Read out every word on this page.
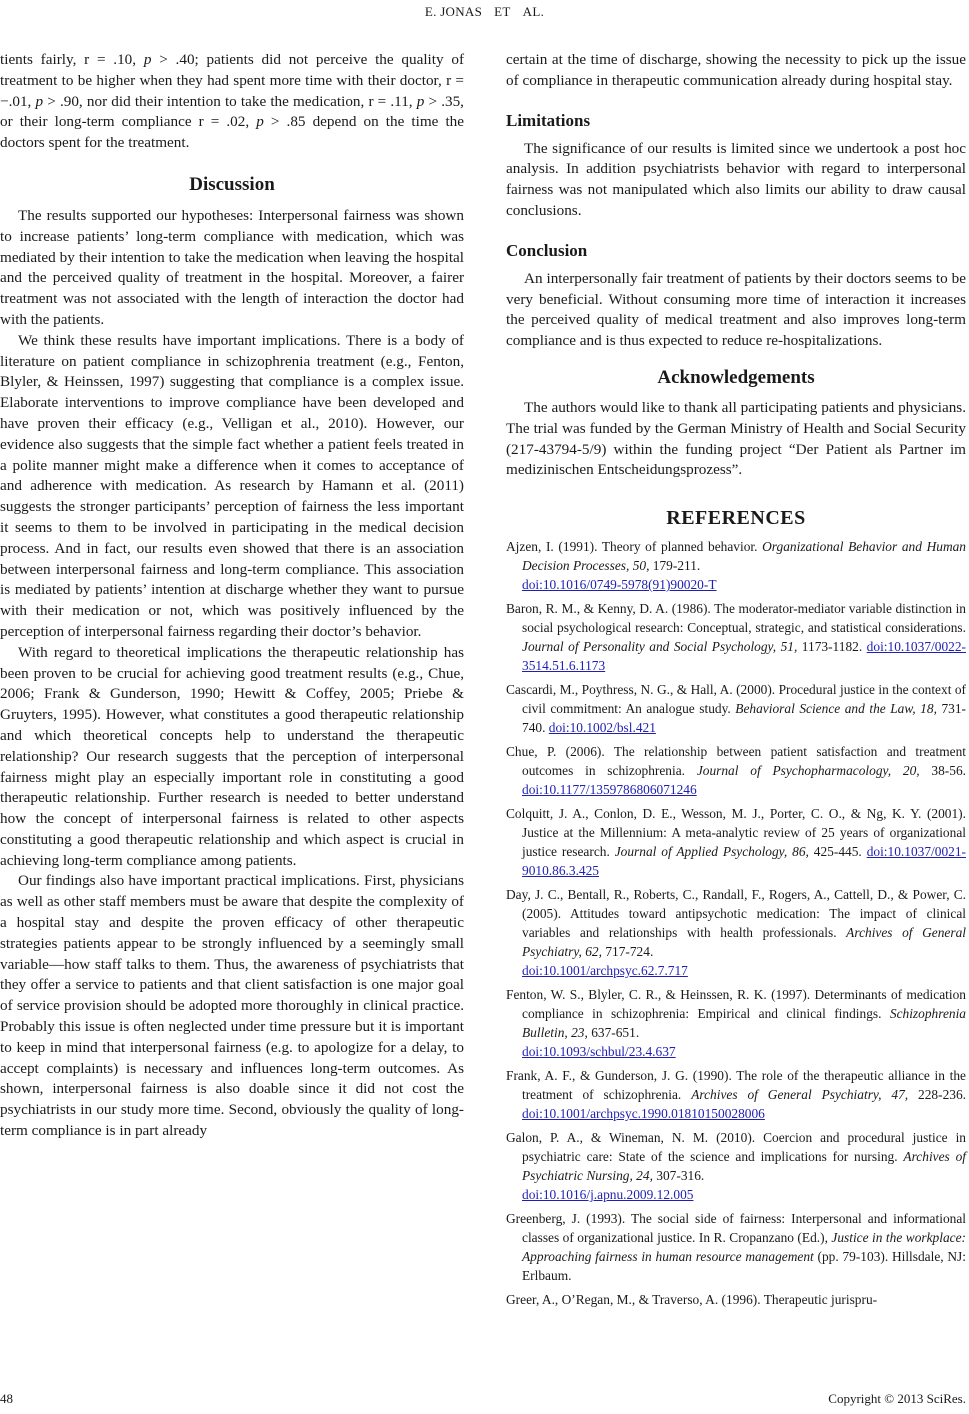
E. JONAS ET AL.

tients fairly, r = .10, p > .40; patients did not perceive the quality of treatment to be higher when they had spent more time with their doctor, r = −.01, p > .90, nor did their intention to take the medication, r = .11, p > .35, or their long-term compliance r = .02, p > .85 depend on the time the doctors spent for the treatment.

Discussion

The results supported our hypotheses: Interpersonal fairness was shown to increase patients’ long-term compliance with medication, which was mediated by their intention to take the medication when leaving the hospital and the perceived quality of treatment in the hospital. Moreover, a fairer treatment was not associated with the length of interaction the doctor had with the patients.

We think these results have important implications. There is a body of literature on patient compliance in schizophrenia treatment (e.g., Fenton, Blyler, & Heinssen, 1997) suggesting that compliance is a complex issue. Elaborate interventions to improve compliance have been developed and have proven their efficacy (e.g., Velligan et al., 2010). However, our evidence also suggests that the simple fact whether a patient feels treated in a polite manner might make a difference when it comes to acceptance of and adherence with medication. As research by Hamann et al. (2011) suggests the stronger participants’ perception of fairness the less important it seems to them to be involved in participating in the medical decision process. And in fact, our results even showed that there is an association between interpersonal fairness and long-term compliance. This association is mediated by patients’ intention at discharge whether they want to pursue with their medication or not, which was positively influenced by the perception of interpersonal fairness regarding their doctor’s behavior.

With regard to theoretical implications the therapeutic relationship has been proven to be crucial for achieving good treatment results (e.g., Chue, 2006; Frank & Gunderson, 1990; Hewitt & Coffey, 2005; Priebe & Gruyters, 1995). However, what constitutes a good therapeutic relationship and which theoretical concepts help to understand the therapeutic relationship? Our research suggests that the perception of interpersonal fairness might play an especially important role in constituting a good therapeutic relationship. Further research is needed to better understand how the concept of interpersonal fairness is related to other aspects constituting a good therapeutic relationship and which aspect is crucial in achieving long-term compliance among patients.

Our findings also have important practical implications. First, physicians as well as other staff members must be aware that despite the complexity of a hospital stay and despite the proven efficacy of other therapeutic strategies patients appear to be strongly influenced by a seemingly small variable—how staff talks to them. Thus, the awareness of psychiatrists that they offer a service to patients and that client satisfaction is one major goal of service provision should be adopted more thoroughly in clinical practice. Probably this issue is often neglected under time pressure but it is important to keep in mind that interpersonal fairness (e.g. to apologize for a delay, to accept complaints) is necessary and influences long-term outcomes. As shown, interpersonal fairness is also doable since it did not cost the psychiatrists in our study more time. Second, obviously the quality of long-term compliance is in part already

certain at the time of discharge, showing the necessity to pick up the issue of compliance in therapeutic communication already during hospital stay.

Limitations

The significance of our results is limited since we undertook a post hoc analysis. In addition psychiatrists behavior with regard to interpersonal fairness was not manipulated which also limits our ability to draw causal conclusions.

Conclusion

An interpersonally fair treatment of patients by their doctors seems to be very beneficial. Without consuming more time of interaction it increases the perceived quality of medical treatment and also improves long-term compliance and is thus expected to reduce re-hospitalizations.

Acknowledgements

The authors would like to thank all participating patients and physicians. The trial was funded by the German Ministry of Health and Social Security (217-43794-5/9) within the funding project “Der Patient als Partner im medizinischen Entscheidungsprozess”.

REFERENCES
Ajzen, I. (1991). Theory of planned behavior. Organizational Behavior and Human Decision Processes, 50, 179-211.
doi:10.1016/0749-5978(91)90020-T
Baron, R. M., & Kenny, D. A. (1986). The moderator-mediator variable distinction in social psychological research: Conceptual, strategic, and statistical considerations. Journal of Personality and Social Psychology, 51, 1173-1182. doi:10.1037/0022-3514.51.6.1173
Cascardi, M., Poythress, N. G., & Hall, A. (2000). Procedural justice in the context of civil commitment: An analogue study. Behavioral Science and the Law, 18, 731-740. doi:10.1002/bsl.421
Chue, P. (2006). The relationship between patient satisfaction and treatment outcomes in schizophrenia. Journal of Psychopharmacology, 20, 38-56. doi:10.1177/1359786806071246
Colquitt, J. A., Conlon, D. E., Wesson, M. J., Porter, C. O., & Ng, K. Y. (2001). Justice at the Millennium: A meta-analytic review of 25 years of organizational justice research. Journal of Applied Psychology, 86, 425-445. doi:10.1037/0021-9010.86.3.425
Day, J. C., Bentall, R., Roberts, C., Randall, F., Rogers, A., Cattell, D., & Power, C. (2005). Attitudes toward antipsychotic medication: The impact of clinical variables and relationships with health professionals. Archives of General Psychiatry, 62, 717-724.
doi:10.1001/archpsyc.62.7.717
Fenton, W. S., Blyler, C. R., & Heinssen, R. K. (1997). Determinants of medication compliance in schizophrenia: Empirical and clinical findings. Schizophrenia Bulletin, 23, 637-651.
doi:10.1093/schbul/23.4.637
Frank, A. F., & Gunderson, J. G. (1990). The role of the therapeutic alliance in the treatment of schizophrenia. Archives of General Psychiatry, 47, 228-236. doi:10.1001/archpsyc.1990.01810150028006
Galon, P. A., & Wineman, N. M. (2010). Coercion and procedural justice in psychiatric care: State of the science and implications for nursing. Archives of Psychiatric Nursing, 24, 307-316.
doi:10.1016/j.apnu.2009.12.005
Greenberg, J. (1993). The social side of fairness: Interpersonal and informational classes of organizational justice. In R. Cropanzano (Ed.), Justice in the workplace: Approaching fairness in human resource management (pp. 79-103). Hillsdale, NJ: Erlbaum.
Greer, A., O’Regan, M., & Traverso, A. (1996). Therapeutic jurispru-
48	Copyright © 2013 SciRes.
